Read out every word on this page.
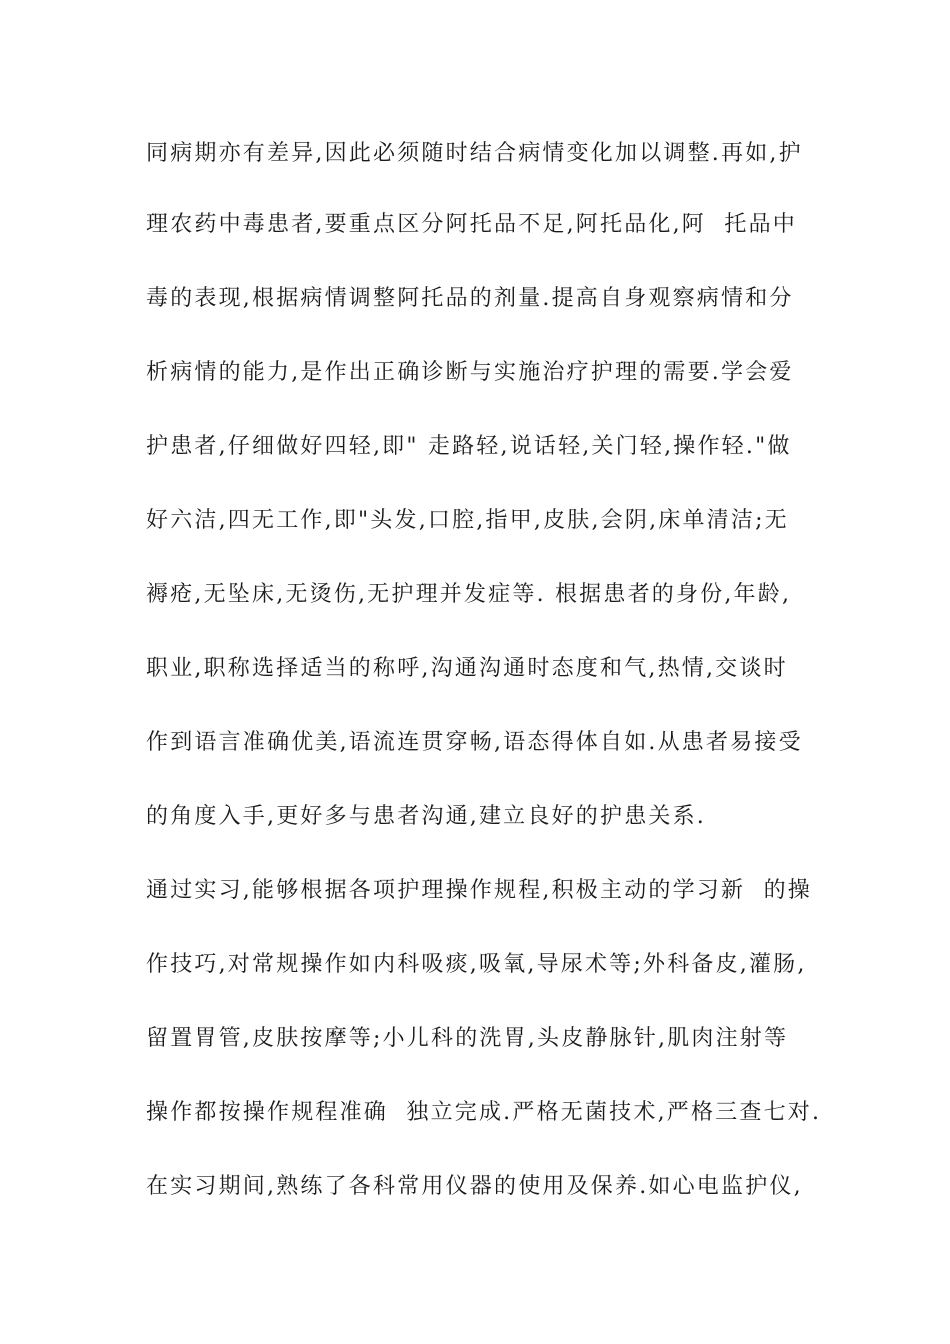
同病期亦有差异,因此必须随时结合病情变化加以调整.再如,护
理农药中毒患者,要重点区分阿托品不足,阿托品化,阿  托品中
毒的表现,根据病情调整阿托品的剂量.提高自身观察病情和分
析病情的能力,是作出正确诊断与实施治疗护理的需要.学会爱
护患者,仔细做好四轻,即" 走路轻,说话轻,关门轻,操作轻."做
好六洁,四无工作,即"头发,口腔,指甲,皮肤,会阴,床单清洁;无
褥疮,无坠床,无烫伤,无护理并发症等. 根据患者的身份,年龄,
职业,职称选择适当的称呼,沟通沟通时态度和气,热情,交谈时
作到语言准确优美,语流连贯穿畅,语态得体自如.从患者易接受
的角度入手,更好多与患者沟通,建立良好的护患关系.
通过实习,能够根据各项护理操作规程,积极主动的学习新  的操
作技巧,对常规操作如内科吸痰,吸氧,导尿术等;外科备皮,灌肠,
留置胃管,皮肤按摩等;小儿科的洗胃,头皮静脉针,肌肉注射等
操作都按操作规程准确  独立完成.严格无菌技术,严格三查七对.
在实习期间,熟练了各科常用仪器的使用及保养.如心电监护仪,
